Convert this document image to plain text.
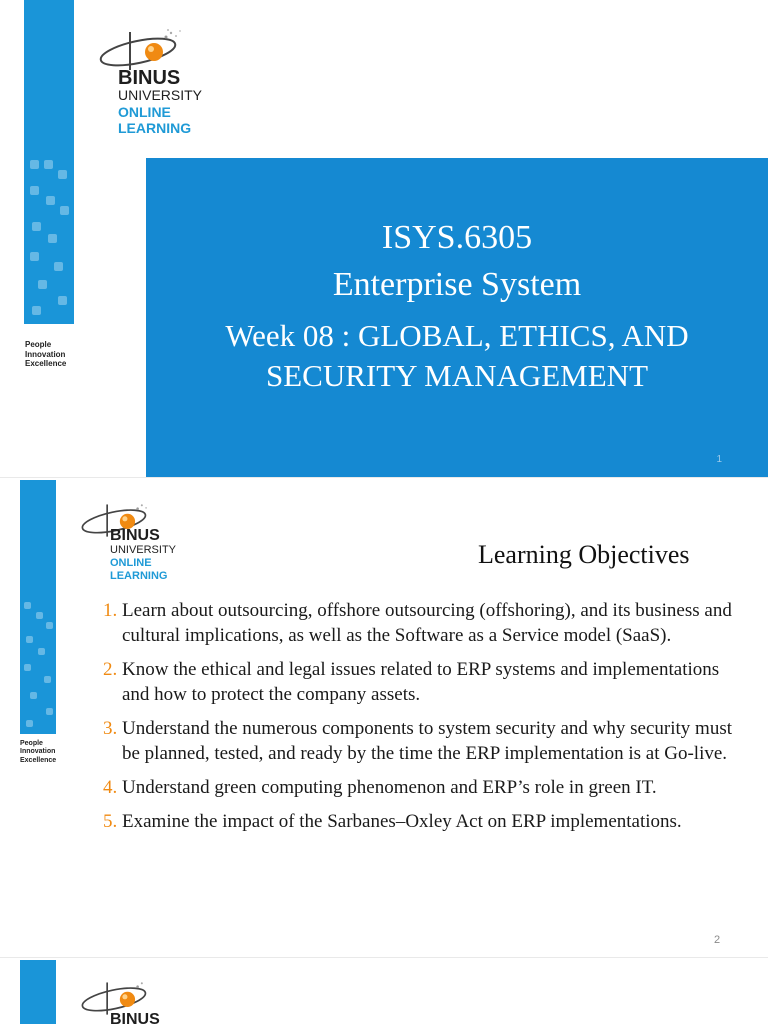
People
Innovation
Excellence
BINUS
UNIVERSITY
ONLINE
LEARNING
ISYS.6305
Enterprise System
Week 08 : GLOBAL, ETHICS, AND
SECURITY MANAGEMENT
1
People
Innovation
Excellence
BINUS
UNIVERSITY
ONLINE
LEARNING
Learning Objectives
1. Learn about outsourcing, offshore outsourcing (offshoring), and its business and cultural implications, as well as the Software as a Service model (SaaS).
2. Know the ethical and legal issues related to ERP systems and implementations and how to protect the company assets.
3. Understand the numerous components to system security and why security must be planned, tested, and ready by the time the ERP implementation is at Go-live.
4. Understand green computing phenomenon and ERP’s role in green IT.
5. Examine the impact of the Sarbanes–Oxley Act on ERP implementations.
2
BINUS
